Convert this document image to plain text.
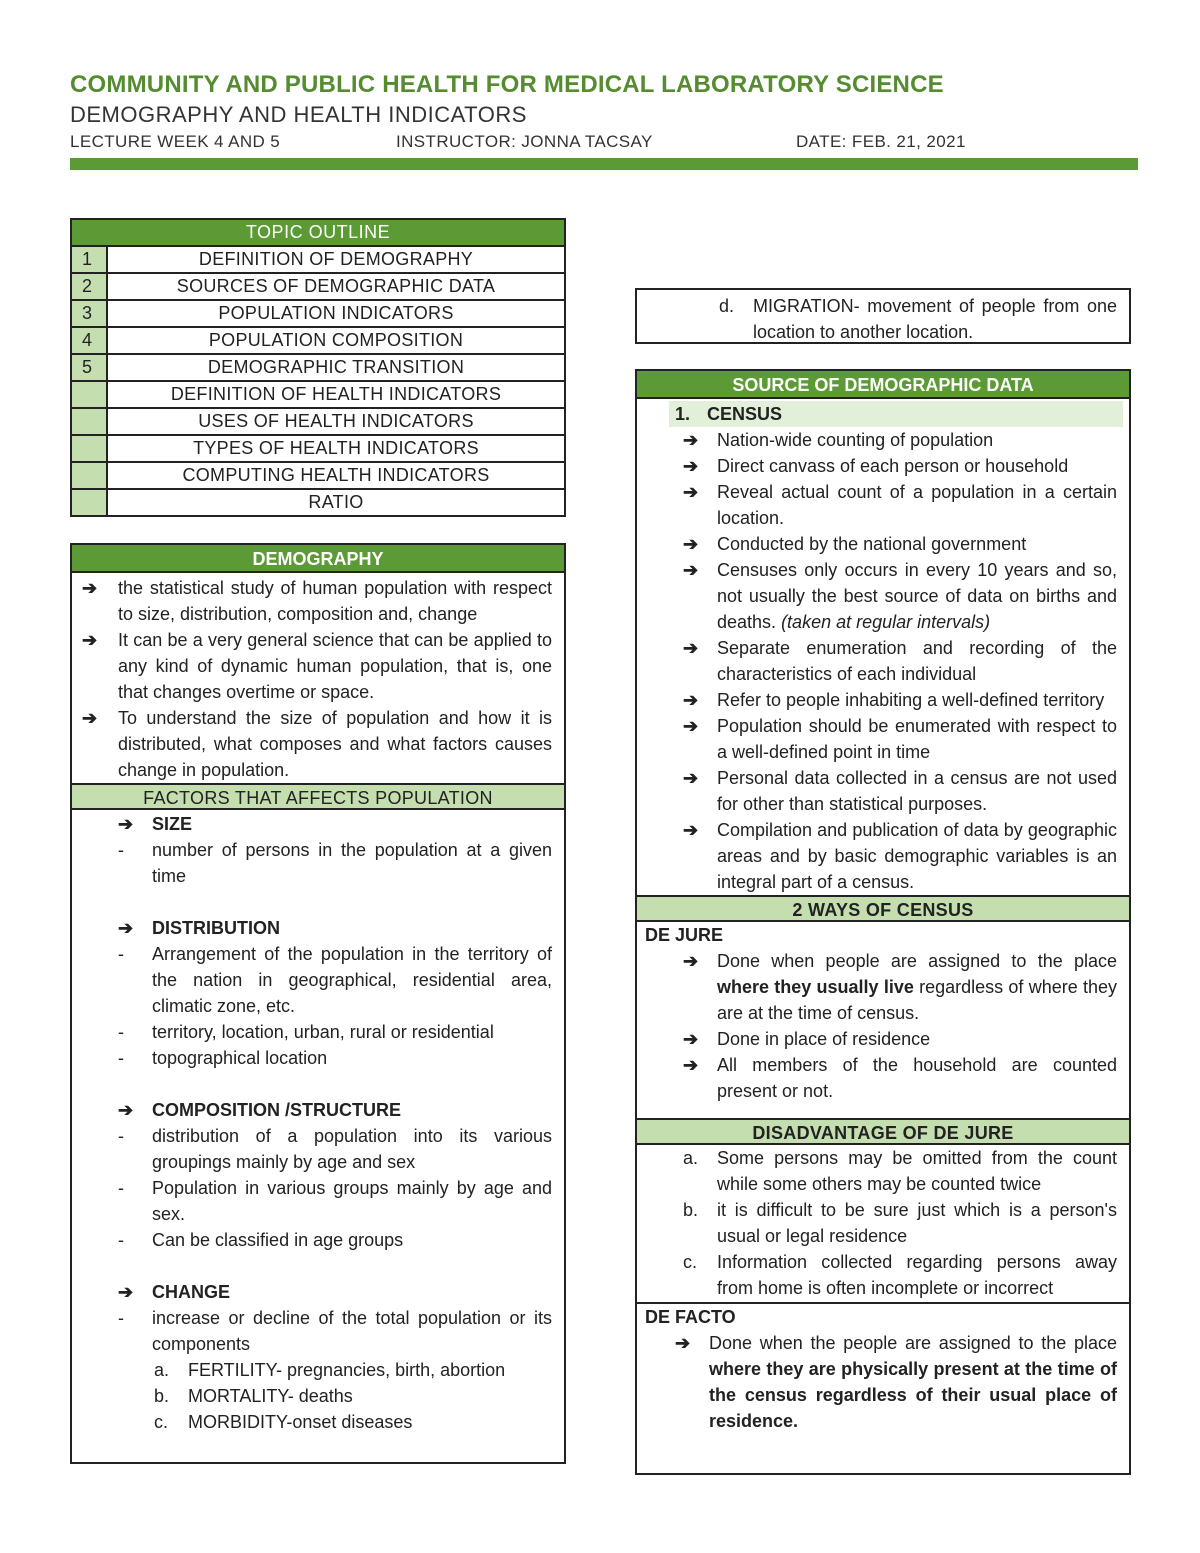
COMMUNITY AND PUBLIC HEALTH FOR MEDICAL LABORATORY SCIENCE
DEMOGRAPHY AND HEALTH INDICATORS
LECTURE WEEK 4 AND 5	INSTRUCTOR: JONNA TACSAY	DATE: FEB. 21, 2021
TOPIC OUTLINE	
1	DEFINITION OF DEMOGRAPHY
2	SOURCES OF DEMOGRAPHIC DATA
3	POPULATION INDICATORS
4	POPULATION COMPOSITION
5	DEMOGRAPHIC TRANSITION
	DEFINITION OF HEALTH INDICATORS
	USES OF HEALTH INDICATORS
	TYPES OF HEALTH INDICATORS
	COMPUTING HEALTH INDICATORS
	RATIO
DEMOGRAPHY
➔ the statistical study of human population with respect to size, distribution, composition and, change
➔ It can be a very general science that can be applied to any kind of dynamic human population, that is, one that changes overtime or space.
➔ To understand the size of population and how it is distributed, what composes and what factors causes change in population.
FACTORS THAT AFFECTS POPULATION
➔ SIZE
- number of persons in the population at a given time
➔ DISTRIBUTION
- Arrangement of the population in the territory of the nation in geographical, residential area, climatic zone, etc.
- territory, location, urban, rural or residential
- topographical location
➔ COMPOSITION /STRUCTURE
- distribution of a population into its various groupings mainly by age and sex
- Population in various groups mainly by age and sex.
- Can be classified in age groups
➔ CHANGE
- increase or decline of the total population or its components
a. FERTILITY- pregnancies, birth, abortion
b. MORTALITY- deaths
c. MORBIDITY-onset diseases
d. MIGRATION- movement of people from one location to another location.
SOURCE OF DEMOGRAPHIC DATA
1. CENSUS
➔ Nation-wide counting of population
➔ Direct canvass of each person or household
➔ Reveal actual count of a population in a certain location.
➔ Conducted by the national government
➔ Censuses only occurs in every 10 years and so, not usually the best source of data on births and deaths. (taken at regular intervals)
➔ Separate enumeration and recording of the characteristics of each individual
➔ Refer to people inhabiting a well-defined territory
➔ Population should be enumerated with respect to a well-defined point in time
➔ Personal data collected in a census are not used for other than statistical purposes.
➔ Compilation and publication of data by geographic areas and by basic demographic variables is an integral part of a census.
2 WAYS OF CENSUS
DE JURE
➔ Done when people are assigned to the place where they usually live regardless of where they are at the time of census.
➔ Done in place of residence
➔ All members of the household are counted present or not.
DISADVANTAGE OF DE JURE
a. Some persons may be omitted from the count while some others may be counted twice
b. it is difficult to be sure just which is a person's usual or legal residence
c. Information collected regarding persons away from home is often incomplete or incorrect
DE FACTO
➔ Done when the people are assigned to the place where they are physically present at the time of the census regardless of their usual place of residence.
